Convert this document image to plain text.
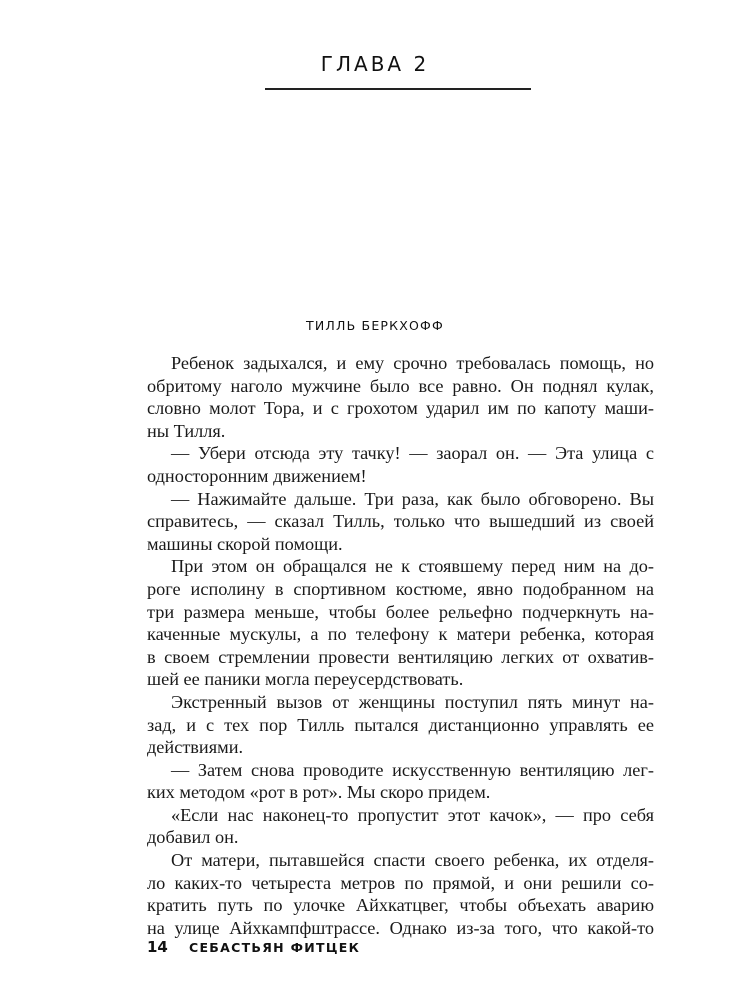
ГЛАВА 2
ТИЛЛЬ БЕРКХОФФ
Ребенок задыхался, и ему срочно требовалась помощь, но
обритому наголо мужчине было все равно. Он поднял кулак,
словно молот Тора, и с грохотом ударил им по капоту маши-
ны Тилля.
— Убери отсюда эту тачку! — заорал он. — Эта улица с
односторонним движением!
— Нажимайте дальше. Три раза, как было обговорено. Вы
справитесь, — сказал Тилль, только что вышедший из своей
машины скорой помощи.
При этом он обращался не к стоявшему перед ним на до-
роге исполину в спортивном костюме, явно подобранном на
три размера меньше, чтобы более рельефно подчеркнуть на-
каченные мускулы, а по телефону к матери ребенка, которая
в своем стремлении провести вентиляцию легких от охватив-
шей ее паники могла переусердствовать.
Экстренный вызов от женщины поступил пять минут на-
зад, и с тех пор Тилль пытался дистанционно управлять ее
действиями.
— Затем снова проводите искусственную вентиляцию лег-
ких методом «рот в рот». Мы скоро придем.
«Если нас наконец-то пропустит этот качок», — про себя
добавил он.
От матери, пытавшейся спасти своего ребенка, их отделя-
ло каких-то четыреста метров по прямой, и они решили со-
кратить путь по улочке Айхкатцвег, чтобы объехать аварию
на улице Айхкампфштрассе. Однако из-за того, что какой-то
14	СЕБАСТЬЯН ФИТЦЕК
